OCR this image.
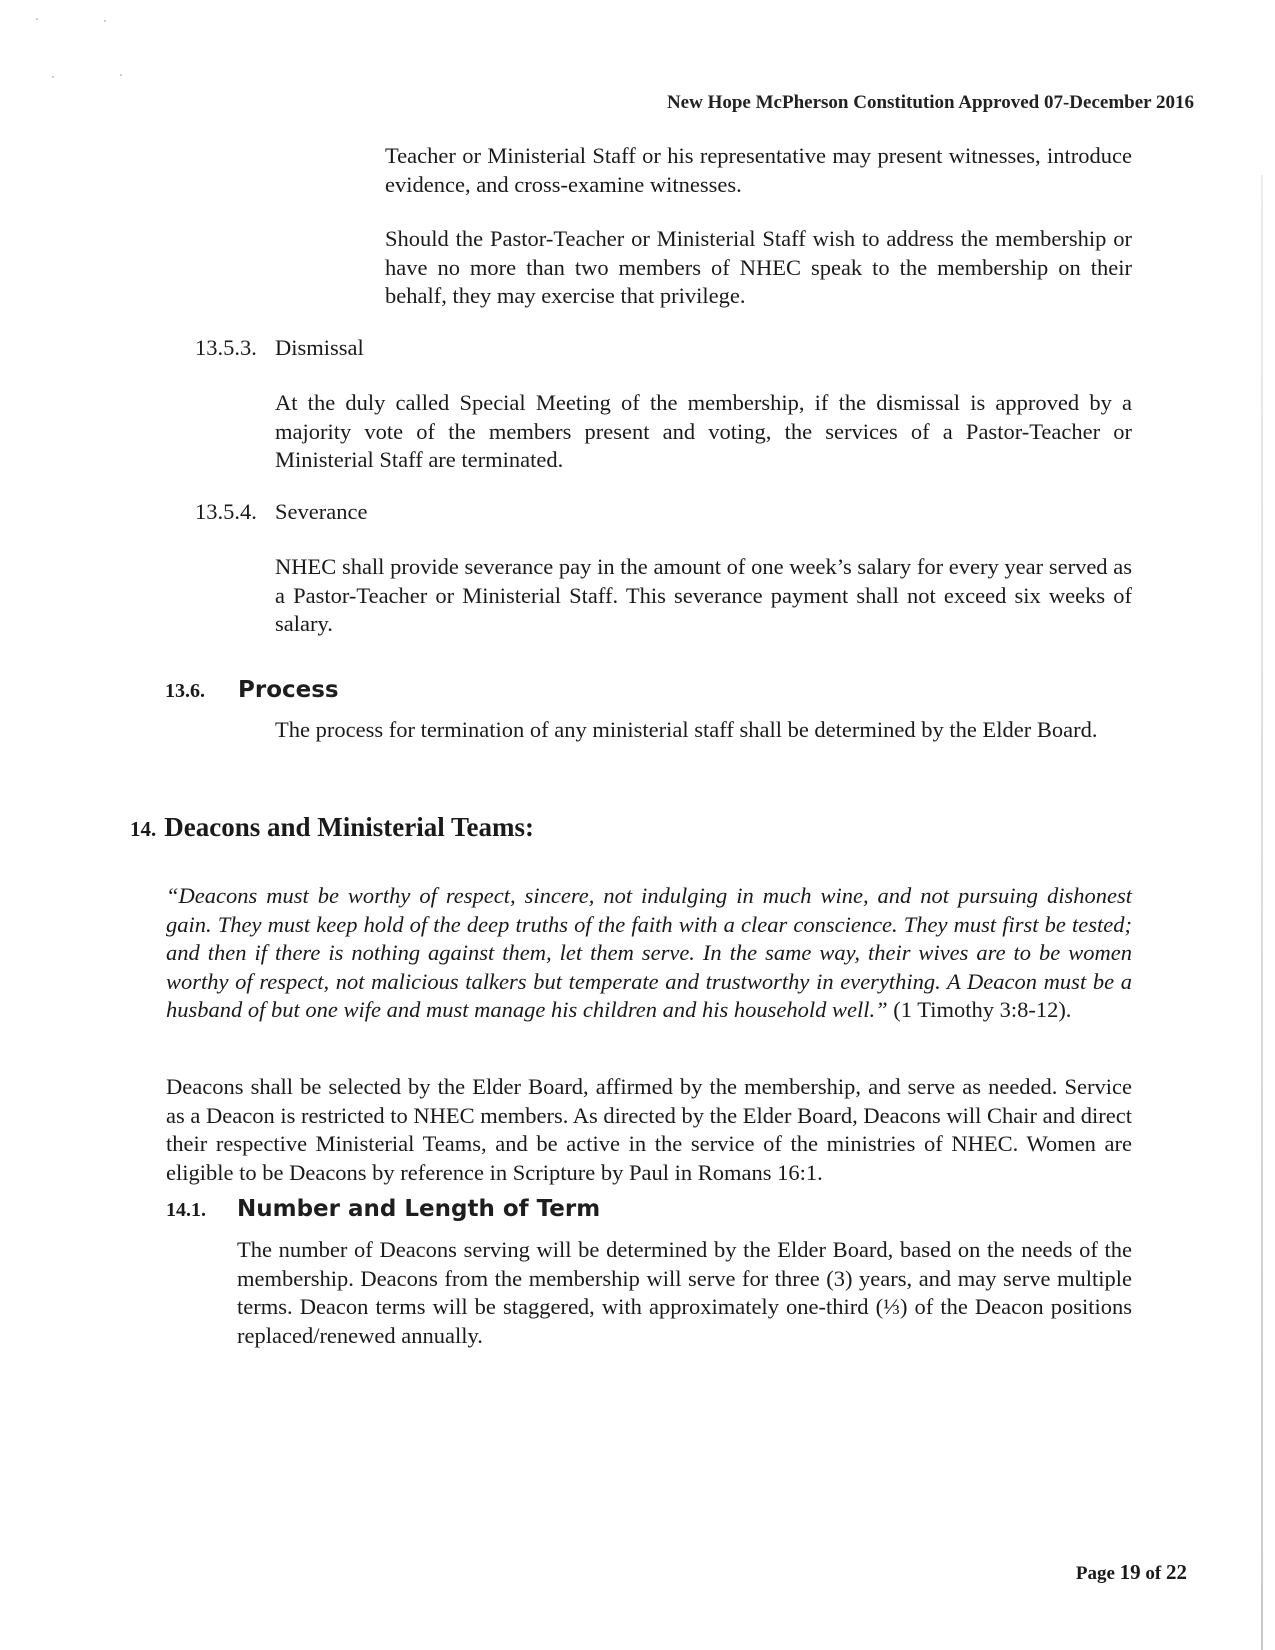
New Hope McPherson Constitution Approved 07-December 2016

Teacher or Ministerial Staff or his representative may present witnesses, introduce evidence, and cross-examine witnesses.

Should the Pastor-Teacher or Ministerial Staff wish to address the membership or have no more than two members of NHEC speak to the membership on their behalf, they may exercise that privilege.

13.5.3. Dismissal

At the duly called Special Meeting of the membership, if the dismissal is approved by a majority vote of the members present and voting, the services of a Pastor-Teacher or Ministerial Staff are terminated.

13.5.4. Severance

NHEC shall provide severance pay in the amount of one week’s salary for every year served as a Pastor-Teacher or Ministerial Staff. This severance payment shall not exceed six weeks of salary.

13.6. Process

The process for termination of any ministerial staff shall be determined by the Elder Board.

14. Deacons and Ministerial Teams:

“Deacons must be worthy of respect, sincere, not indulging in much wine, and not pursuing dishonest gain. They must keep hold of the deep truths of the faith with a clear conscience. They must first be tested; and then if there is nothing against them, let them serve. In the same way, their wives are to be women worthy of respect, not malicious talkers but temperate and trustworthy in everything. A Deacon must be a husband of but one wife and must manage his children and his household well.” (1 Timothy 3:8-12).

Deacons shall be selected by the Elder Board, affirmed by the membership, and serve as needed. Service as a Deacon is restricted to NHEC members. As directed by the Elder Board, Deacons will Chair and direct their respective Ministerial Teams, and be active in the service of the ministries of NHEC. Women are eligible to be Deacons by reference in Scripture by Paul in Romans 16:1.

14.1. Number and Length of Term

The number of Deacons serving will be determined by the Elder Board, based on the needs of the membership. Deacons from the membership will serve for three (3) years, and may serve multiple terms. Deacon terms will be staggered, with approximately one-third (⅓) of the Deacon positions replaced/renewed annually.

Page 19 of 22
